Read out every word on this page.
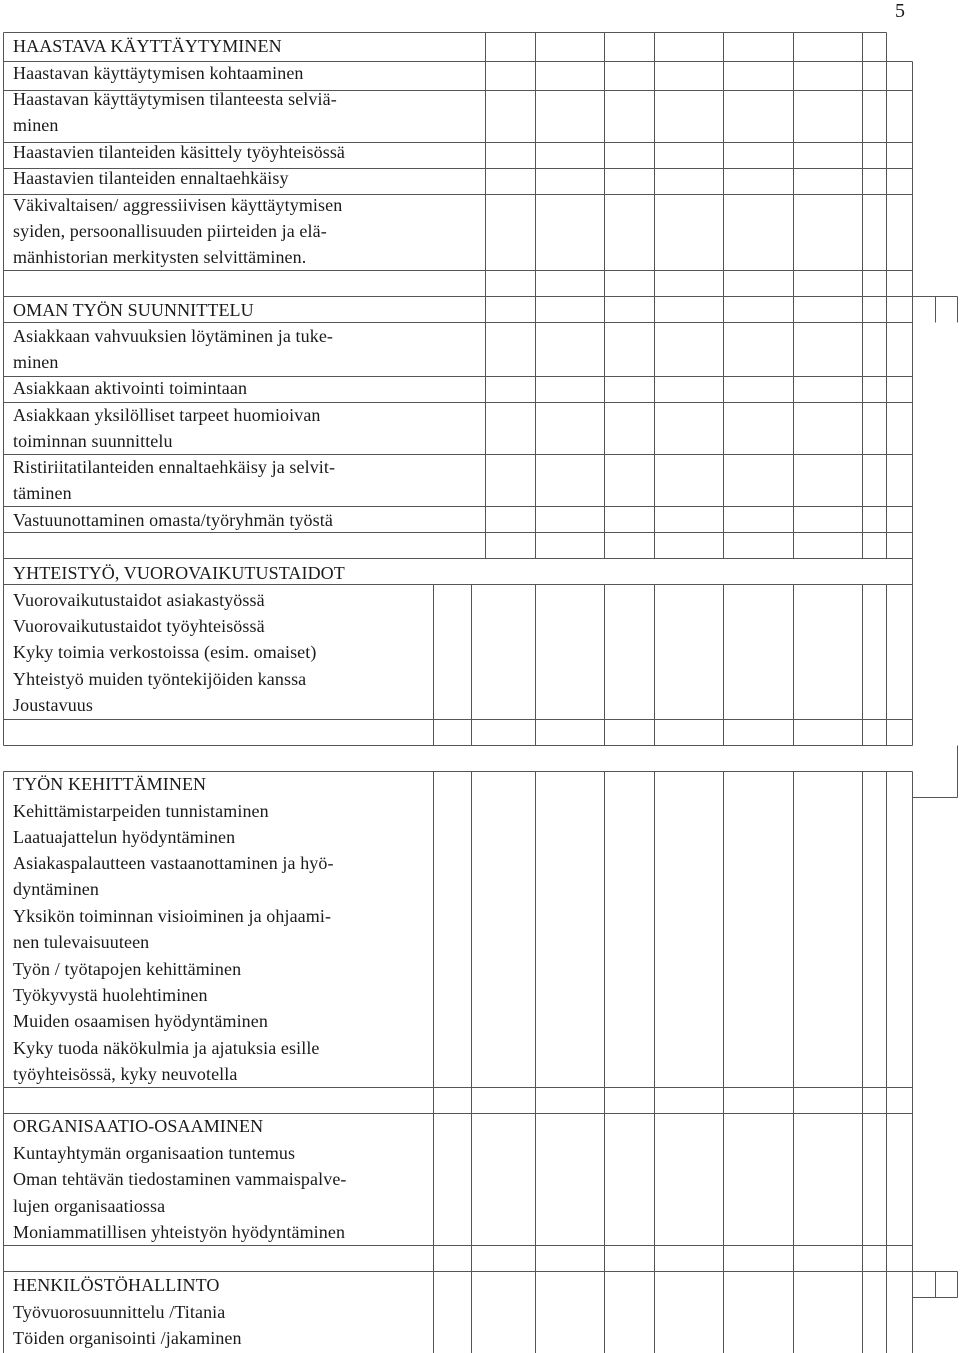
5
HAASTAVA KÄYTTÄYTYMINEN
Haastavan käyttäytymisen kohtaaminen
Haastavan käyttäytymisen tilanteesta selviä-
minen
Haastavien tilanteiden käsittely työyhteisössä
Haastavien tilanteiden ennaltaehkäisy
Väkivaltaisen/ aggressiivisen käyttäytymisen
syiden, persoonallisuuden piirteiden ja elä-
mänhistorian merkitysten selvittäminen.
OMAN TYÖN SUUNNITTELU
Asiakkaan vahvuuksien löytäminen ja tuke-
minen
Asiakkaan aktivointi toimintaan
Asiakkaan yksilölliset tarpeet huomioivan
toiminnan suunnittelu
Ristiriitatilanteiden ennaltaehkäisy ja selvit-
täminen
Vastuunottaminen omasta/työryhmän työstä
YHTEISTYÖ, VUOROVAIKUTUSTAIDOT
Vuorovaikutustaidot asiakastyössä
Vuorovaikutustaidot työyhteisössä
Kyky toimia verkostoissa (esim. omaiset)
Yhteistyö muiden työntekijöiden kanssa
Joustavuus
TYÖN KEHITTÄMINEN
Kehittämistarpeiden tunnistaminen
Laatuajattelun hyödyntäminen
Asiakaspalautteen vastaanottaminen ja hyö-
dyntäminen
Yksikön toiminnan visioiminen ja ohjaami-
nen tulevaisuuteen
Työn / työtapojen kehittäminen
Työkyvystä huolehtiminen
Muiden osaamisen hyödyntäminen
Kyky tuoda näkökulmia ja ajatuksia esille
työyhteisössä, kyky neuvotella
ORGANISAATIO-OSAAMINEN
Kuntayhtymän organisaation tuntemus
Oman tehtävän tiedostaminen vammaispalve-
lujen organisaatiossa
Moniammatillisen yhteistyön hyödyntäminen
HENKILÖSTÖHALLINTO
Työvuorosuunnittelu /Titania
Töiden organisointi /jakaminen
